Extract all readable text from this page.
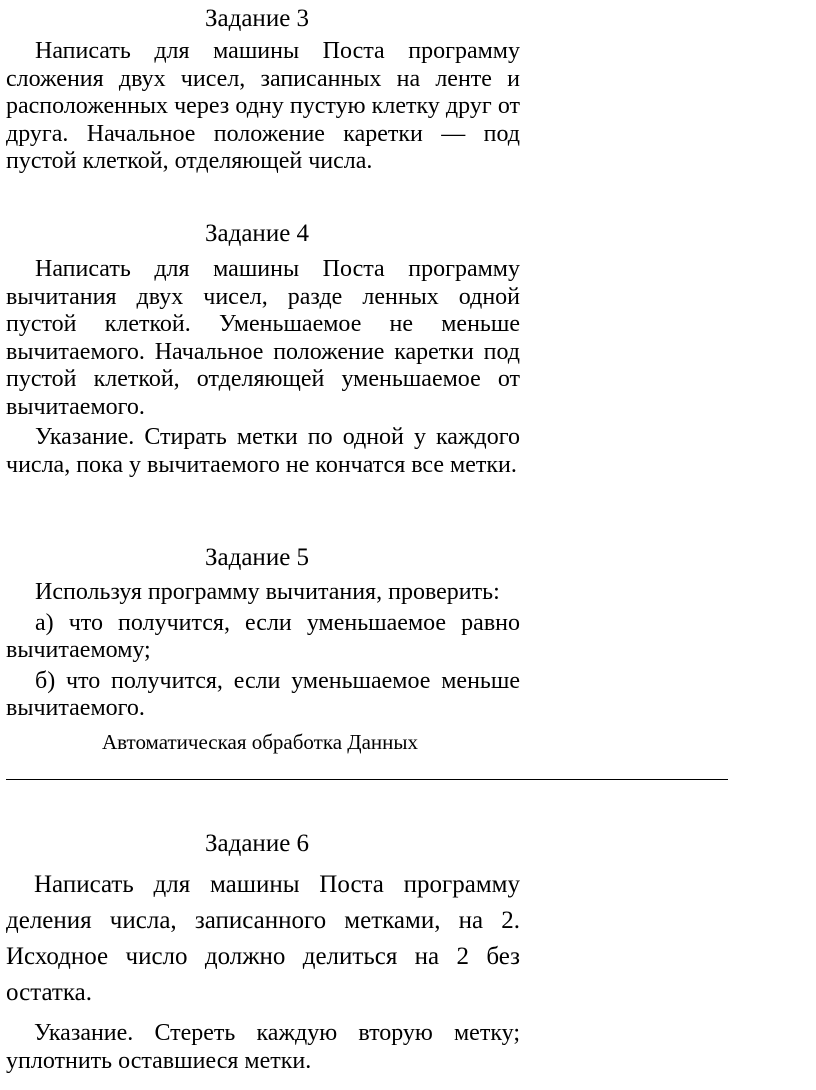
Задание 3

Написать для машины Поста программу сложения двух чисел, записанных на ленте и расположенных через одну пустую клетку друг от друга. Начальное положение каретки — под пустой клеткой, отделяющей числа.

Задание 4

Написать для машины Поста программу вычитания двух чисел, разде ленных одной пустой клеткой. Уменьшаемое не меньше вычитаемого. Начальное положение каретки под пустой клеткой, отделяющей уменьшаемое от вычитаемого.

Указание. Стирать метки по одной у каждого числа, пока у вычитаемого не кончатся все метки.

Задание 5

Используя программу вычитания, проверить:

а) что получится, если уменьшаемое равно вычитаемому;

б) что получится, если уменьшаемое меньше вычитаемого.

Автоматическая обработка Данных
Задание 6

Написать для машины Поста программу деления числа, записанного метками, на 2. Исходное число должно делиться на 2 без остатка.

Указание. Стереть каждую вторую метку; уплотнить оставшиеся метки.
